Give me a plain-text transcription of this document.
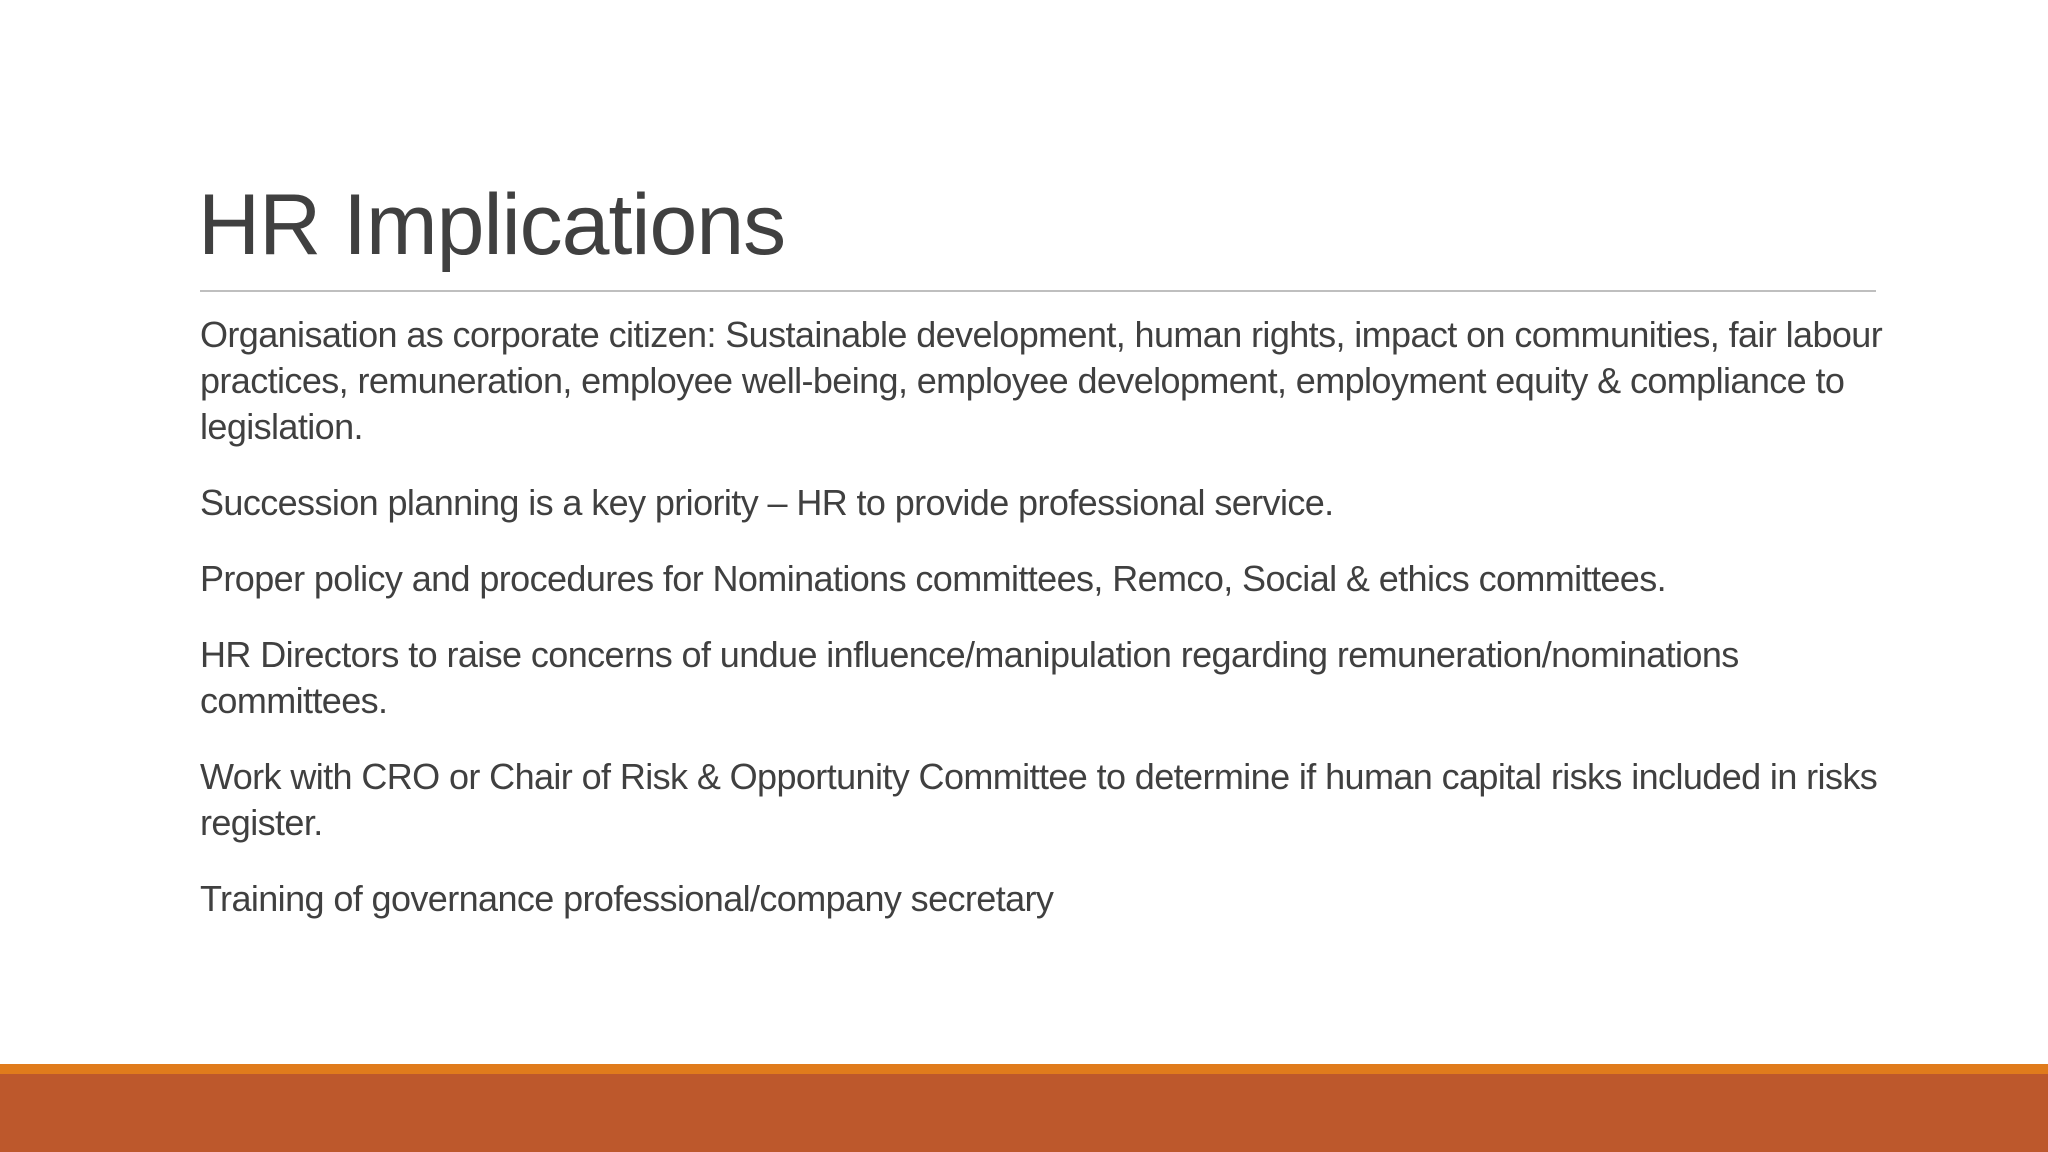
HR Implications

Organisation as corporate citizen: Sustainable development, human rights, impact on communities, fair labour practices, remuneration, employee well-being, employee development, employment equity & compliance to legislation.

Succession planning is a key priority – HR to provide professional service.

Proper policy and procedures for Nominations committees, Remco, Social & ethics committees.

HR Directors to raise concerns of undue influence/manipulation regarding remuneration/nominations committees.

Work with CRO or Chair of Risk & Opportunity Committee to determine if human capital risks included in risks register.

Training of governance professional/company secretary
